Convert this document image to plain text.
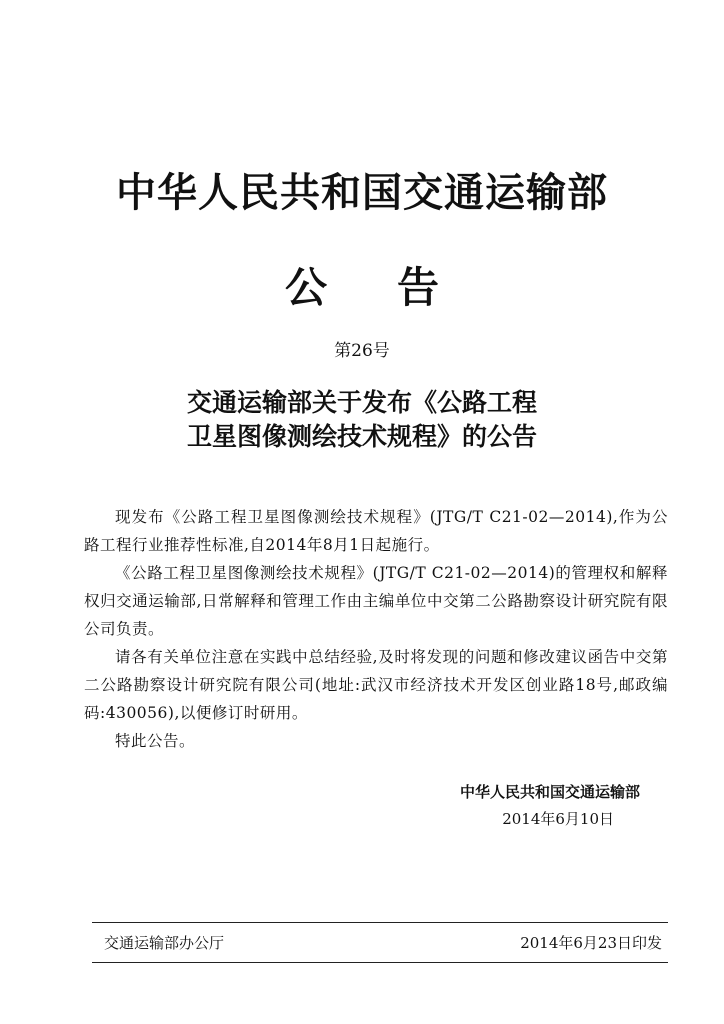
中华人民共和国交通运输部
公 告
第26号
交通运输部关于发布《公路工程
卫星图像测绘技术规程》的公告

现发布《公路工程卫星图像测绘技术规程》(JTG/T C21-02—2014),作为公路工程行业推荐性标准,自2014年8月1日起施行。

《公路工程卫星图像测绘技术规程》(JTG/T C21-02—2014)的管理权和解释权归交通运输部,日常解释和管理工作由主编单位中交第二公路勘察设计研究院有限公司负责。

请各有关单位注意在实践中总结经验,及时将发现的问题和修改建议函告中交第二公路勘察设计研究院有限公司(地址:武汉市经济技术开发区创业路18号,邮政编码:430056),以便修订时研用。

特此公告。

中华人民共和国交通运输部
2014年6月10日
交通运输部办公厅	2014年6月23日印发
